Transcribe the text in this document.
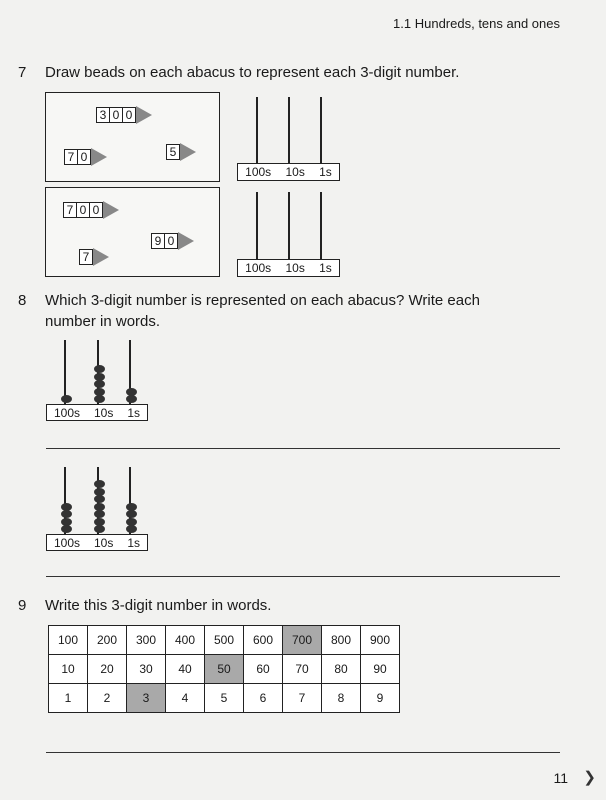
1.1 Hundreds, tens and ones
7 Draw beads on each abacus to represent each 3-digit number.
3 0 0
7 0	5
7 0 0
9 0
7
100s 10s 1s
100s 10s 1s
8 Which 3-digit number is represented on each abacus? Write each
number in words.
100s 10s 1s
100s 10s 1s
9 Write this 3-digit number in words.
100	200	300	400	500	600	700	800	900
10	20	30	40	50	60	70	80	90
1	2	3	4	5	6	7	8	9
11 ❯
